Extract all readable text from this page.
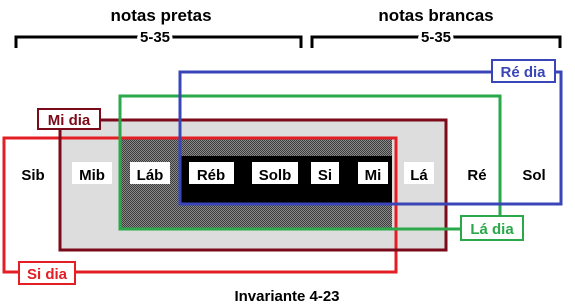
notas pretas
5-35
notas brancas
5-35
Mi dia
Si dia
Lá dia
Ré dia
Sib Mib Láb Réb Solb Si Mi Lá	Ré Sol
Invariante 4-23
